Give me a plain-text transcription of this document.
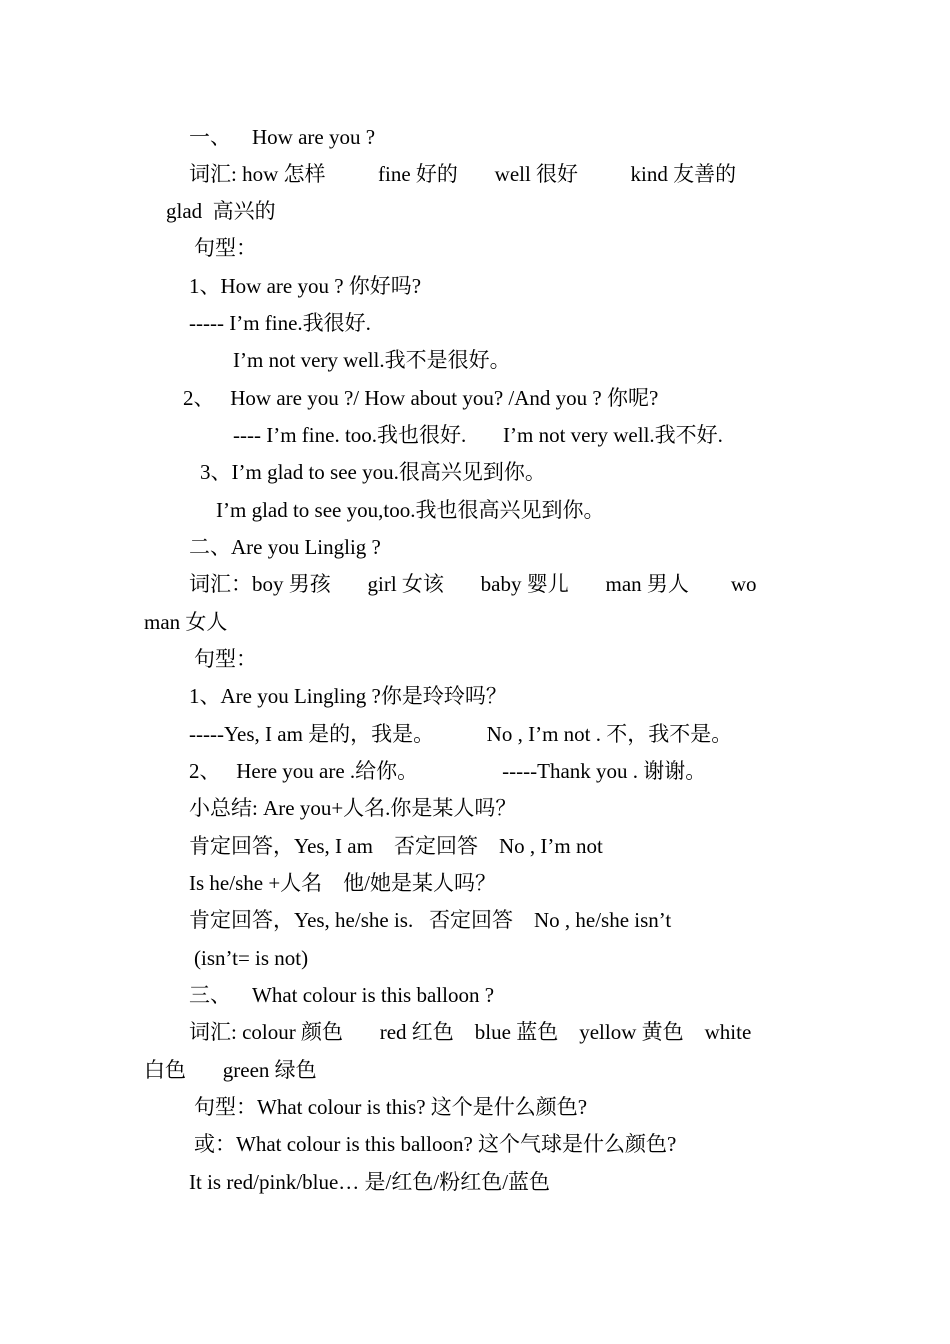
一、    How are you ?
词汇: how 怎样          fine 好的       well 很好          kind 友善的
glad  高兴的
句型：
1、How are you ? 你好吗?
----- I’m fine.我很好.
I’m not very well.我不是很好。
2、   How are you ?/ How about you? /And you ? 你呢?
---- I’m fine. too.我也很好.       I’m not very well.我不好.
3、I’m glad to see you.很高兴见到你。
I’m glad to see you,too.我也很高兴见到你。
二、Are you Linglig ?
词汇：boy 男孩       girl 女该       baby 婴儿       man 男人        wo
man 女人
句型：
1、Are you Lingling ?你是玲玲吗？
-----Yes, I am 是的，我是。          No , I’m not . 不，我不是。
2、   Here you are .给你。                -----Thank you . 谢谢。
小总结: Are you+人名.你是某人吗？
肯定回答，Yes, I am    否定回答    No , I’m not
Is he/she +人名    他/她是某人吗？
肯定回答，Yes, he/she is.   否定回答    No , he/she isn’t
(isn’t= is not)
三、    What colour is this balloon ?
词汇: colour 颜色       red 红色    blue 蓝色    yellow 黄色    white
白色       green 绿色
句型：What colour is this? 这个是什么颜色?
或：What colour is this balloon? 这个气球是什么颜色?
It is red/pink/blue… 是/红色/粉红色/蓝色
